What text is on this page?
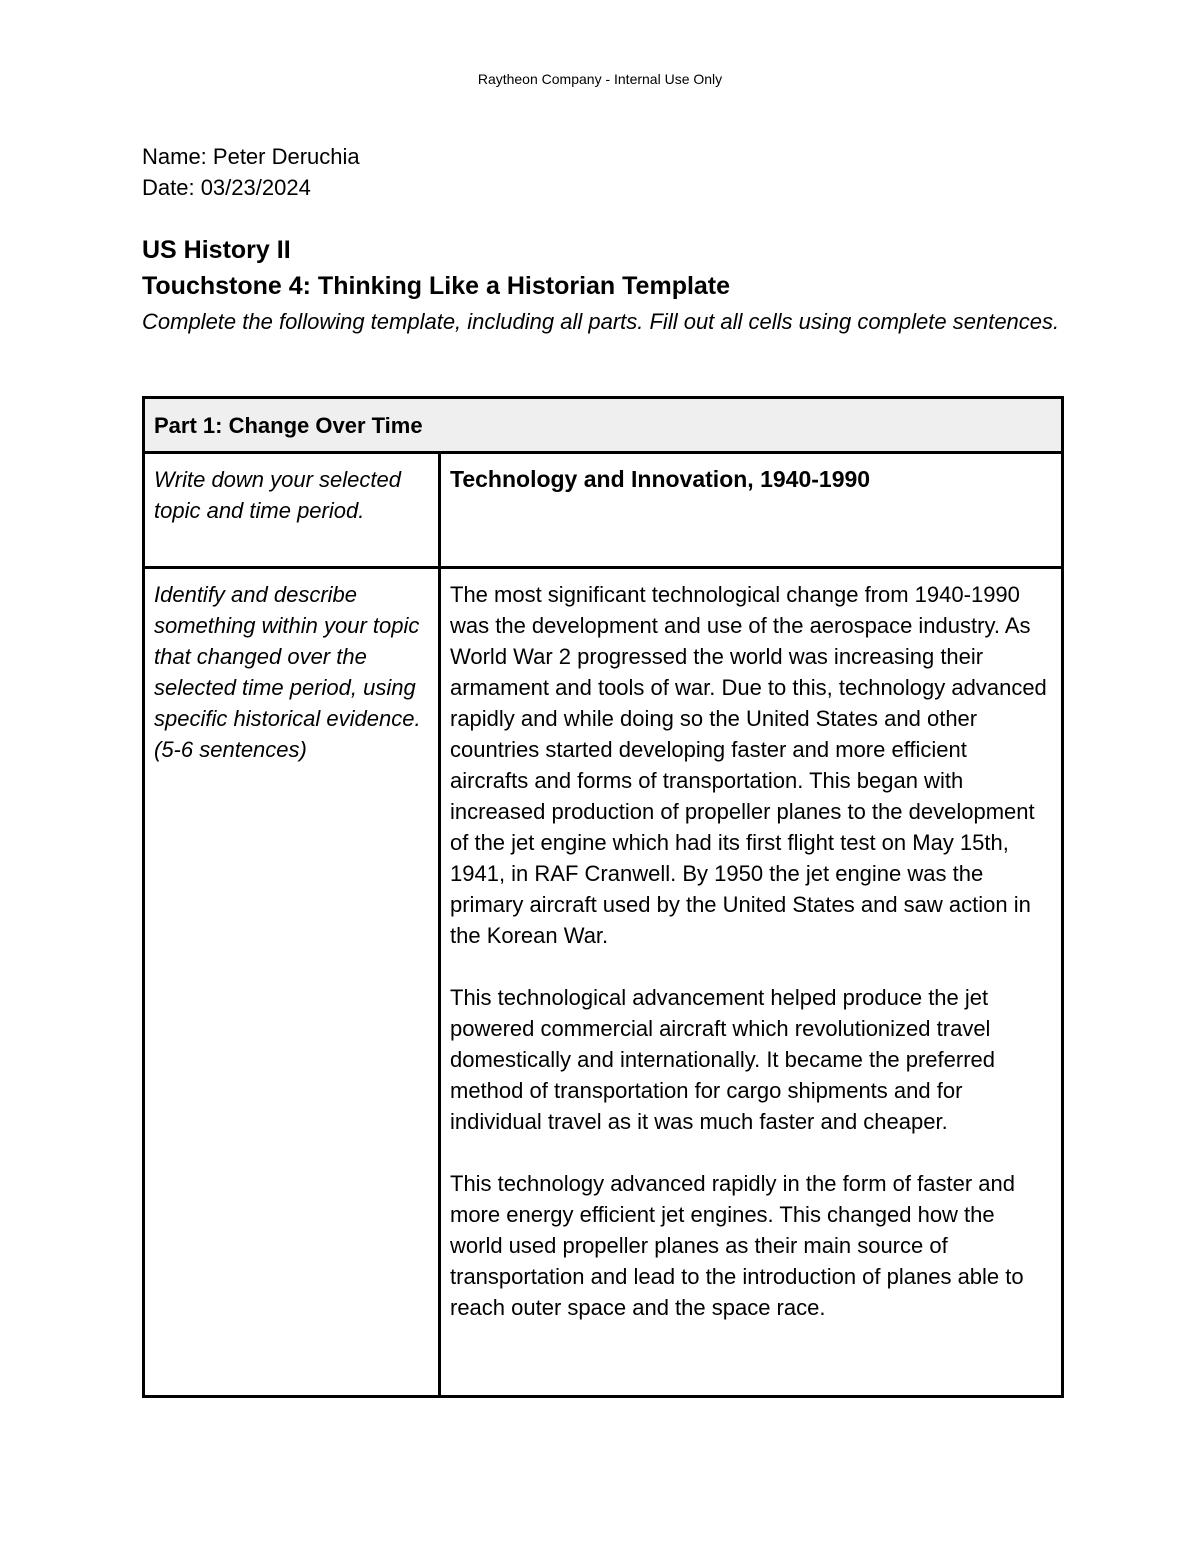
Raytheon Company - Internal Use Only
Name: Peter Deruchia
Date: 03/23/2024
US History II
Touchstone 4: Thinking Like a Historian Template
Complete the following template, including all parts. Fill out all cells using complete sentences.
Part 1: Change Over Time	
Write down your selected topic and time period.	Technology and Innovation, 1940-1990
Identify and describe something within your topic that changed over the selected time period, using specific historical evidence. (5-6 sentences)	The most significant technological change from 1940-1990 was the development and use of the aerospace industry. As World War 2 progressed the world was increasing their armament and tools of war. Due to this, technology advanced rapidly and while doing so the United States and other countries started developing faster and more efficient aircrafts and forms of transportation. This began with increased production of propeller planes to the development of the jet engine which had its first flight test on May 15th, 1941, in RAF Cranwell. By 1950 the jet engine was the primary aircraft used by the United States and saw action in the Korean War.

This technological advancement helped produce the jet powered commercial aircraft which revolutionized travel domestically and internationally. It became the preferred method of transportation for cargo shipments and for individual travel as it was much faster and cheaper.

This technology advanced rapidly in the form of faster and more energy efficient jet engines. This changed how the world used propeller planes as their main source of transportation and lead to the introduction of planes able to reach outer space and the space race.
